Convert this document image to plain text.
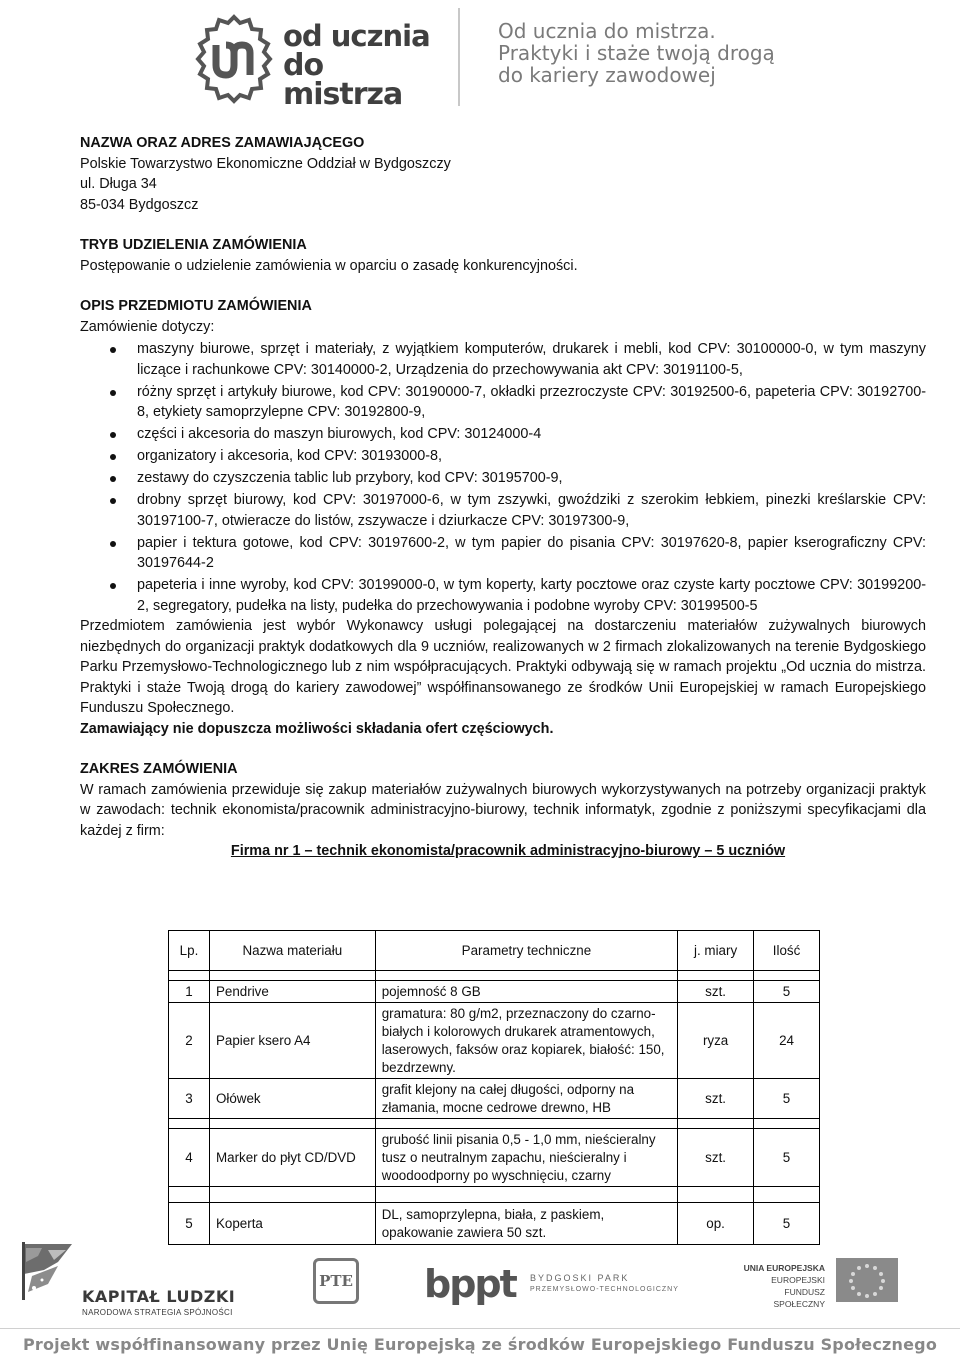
od ucznia
do mistrza
Od ucznia do mistrza.
Praktyki i staże twoją drogą
do kariery zawodowej

NAZWA ORAZ ADRES ZAMAWIAJĄCEGO

Polskie Towarzystwo Ekonomiczne Oddział w Bydgoszczy

ul. Długa 34

85-034 Bydgoszcz

TRYB UDZIELENIA ZAMÓWIENIA

Postępowanie o udzielenie zamówienia w oparciu o zasadę konkurencyjności.

OPIS PRZEDMIOTU ZAMÓWIENIA

Zamówienie dotyczy:

maszyny biurowe, sprzęt i materiały, z wyjątkiem komputerów, drukarek i mebli, kod CPV: 30100000-0, w tym maszyny liczące i rachunkowe CPV: 30140000-2, Urządzenia do przechowywania akt CPV: 30191100-5,
różny sprzęt i artykuły biurowe, kod CPV: 30190000-7, okładki przezroczyste CPV: 30192500-6, papeteria CPV: 30192700-8, etykiety samoprzylepne CPV: 30192800-9,
części i akcesoria do maszyn biurowych, kod CPV: 30124000-4
organizatory i akcesoria, kod CPV: 30193000-8,
zestawy do czyszczenia tablic lub przybory, kod CPV: 30195700-9,
drobny sprzęt biurowy, kod CPV: 30197000-6, w tym zszywki, gwoździki z szerokim łebkiem, pinezki kreślarskie CPV: 30197100-7, otwieracze do listów, zszywacze i dziurkacze CPV: 30197300-9,
papier i tektura gotowe, kod CPV: 30197600-2, w tym papier do pisania CPV: 30197620-8, papier kserograficzny CPV: 30197644-2
papeteria i inne wyroby, kod CPV: 30199000-0, w tym koperty, karty pocztowe oraz czyste karty pocztowe CPV: 30199200-2, segregatory, pudełka na listy, pudełka do przechowywania i podobne wyroby CPV: 30199500-5

Przedmiotem zamówienia jest wybór Wykonawcy usługi polegającej na dostarczeniu materiałów zużywalnych biurowych niezbędnych do organizacji praktyk dodatkowych dla 9 uczniów, realizowanych w 2 firmach zlokalizowanych na terenie Bydgoskiego Parku Przemysłowo-Technologicznego lub z nim współpracujących. Praktyki odbywają się w ramach projektu „Od ucznia do mistrza. Praktyki i staże Twoją drogą do kariery zawodowej” współfinansowanego ze środków Unii Europejskiej w ramach Europejskiego Funduszu Społecznego.

Zamawiający nie dopuszcza możliwości składania ofert częściowych.

ZAKRES ZAMÓWIENIA

W ramach zamówienia przewiduje się zakup materiałów zużywalnych biurowych wykorzystywanych na potrzeby organizacji praktyk w zawodach: technik ekonomista/pracownik administracyjno-biurowy, technik informatyk, zgodnie z poniższymi specyfikacjami dla każdej z firm:

Firma nr 1 – technik ekonomista/pracownik administracyjno-biurowy – 5 uczniów

Lp.	Nazwa materiału	Parametry techniczne	j. miary	Ilość

1	Pendrive	pojemność 8 GB	szt.	5
2	Papier ksero A4	gramatura: 80 g/m2, przeznaczony do czarno-białych i kolorowych drukarek atramentowych, laserowych, faksów oraz kopiarek, białość: 150, bezdrzewny.	ryza	24
3	Ołówek	grafit klejony na całej długości, odporny na złamania, mocne cedrowe drewno, HB	szt.	5

4	Marker do płyt CD/DVD	grubość linii pisania 0,5 - 1,0 mm, nieścieralny tusz o neutralnym zapachu, nieścieralny i woodoodporny po wyschnięciu, czarny	szt.	5

5	Koperta	DL, samoprzylepna, biała, z paskiem, opakowanie zawiera 50 szt.	op.	5
KAPITAŁ LUDZKI
NARODOWA STRATEGIA SPÓJNOŚCI
PTE bppt BYDGOSKI PARK
PRZEMYSŁOWO-TECHNOLOGICZNY
UNIA EUROPEJSKA
EUROPEJSKI
FUNDUSZ SPOŁECZNY
Projekt współfinansowany przez Unię Europejską ze środków Europejskiego Funduszu Społecznego
